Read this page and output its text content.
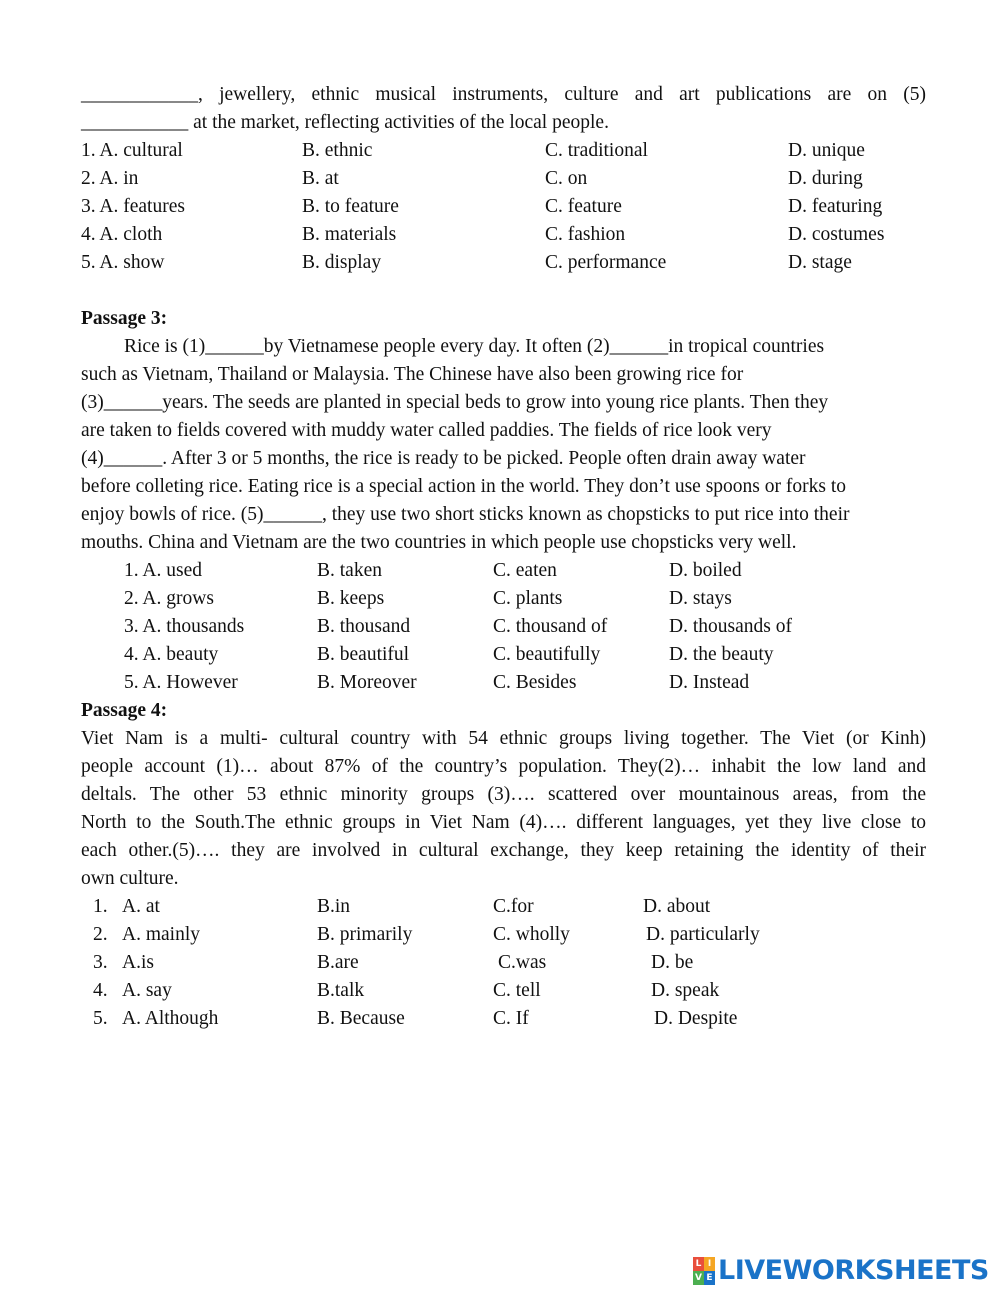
____________, jewellery, ethnic musical instruments, culture and art publications are on (5)
___________ at the market, reflecting activities of the local people.
1. A. cultural	B. ethnic	C. traditional	D. unique
2. A. in	B. at	C. on	D. during
3. A. features	B. to feature	C. feature	D. featuring
4. A. cloth	B. materials	C. fashion	D. costumes
5. A. show	B. display	C. performance	D. stage
Passage 3:
Rice is (1)______by Vietnamese people every day. It often (2)______in tropical countries
such as Vietnam, Thailand or Malaysia. The Chinese have also been growing rice for
(3)______years. The seeds are planted in special beds to grow into young rice plants. Then they
are taken to fields covered with muddy water called paddies. The fields of rice look very
(4)______. After 3 or 5 months, the rice is ready to be picked. People often drain away water
before colleting rice. Eating rice is a special action in the world. They don’t use spoons or forks to
enjoy bowls of rice. (5)______, they use two short sticks known as chopsticks to put rice into their
mouths. China and Vietnam are the two countries in which people use chopsticks very well.
1. A. used	B. taken	C. eaten	D. boiled
2. A. grows	B. keeps	C. plants	D. stays
3. A. thousands	B. thousand	C. thousand of	D. thousands of
4. A. beauty	B. beautiful	C. beautifully	D. the beauty
5. A. However	B. Moreover	C. Besides	D. Instead
Passage 4:
Viet Nam is a multi- cultural country with 54 ethnic groups living together. The Viet (or Kinh)
people account (1)… about 87% of the country’s population. They(2)… inhabit the low land and
deltals. The other 53 ethnic minority groups (3)…. scattered over mountainous areas, from the
North to the South.The ethnic groups in Viet Nam (4)…. different languages, yet they live close to
each other.(5)…. they are involved in cultural exchange, they keep retaining the identity of their
own culture.
1. A. at	B.in	C.for	D. about
2. A. mainly	B. primarily	C. wholly	D. particularly
3. A.is	B.are	C.was	D. be
4. A. say	B.talk	C. tell	D. speak
5. A. Although	B. Because	C. If	D. Despite
L I
V E LIVEWORKSHEETS
